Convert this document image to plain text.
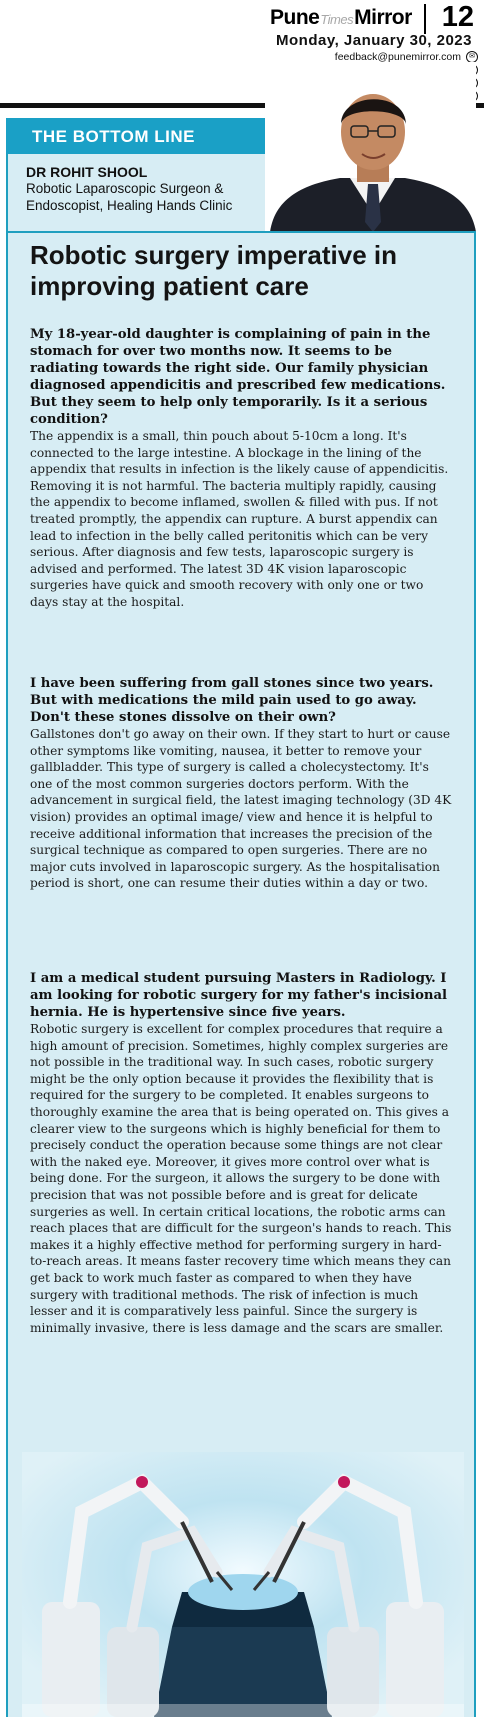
PuneTimesMirror 12
Monday, January 30, 2023
feedback@punemirror.com	✉
THE BOTTOM LINE
DR ROHIT SHOOL
Robotic Laparoscopic Surgeon & Endoscopist, Healing Hands Clinic
Robotic surgery imperative in improving patient care
My 18-year-old daughter is complaining of pain in the stomach for over two months now. It seems to be radiating towards the right side. Our family physician diagnosed appendicitis and prescribed few medications. But they seem to help only temporarily. Is it a serious condition?
The appendix is a small, thin pouch about 5-10cm a long. It's connected to the large intestine. A blockage in the lining of the appendix that results in infection is the likely cause of appendicitis. Removing it is not harmful. The bacteria multiply rapidly, causing the appendix to become inflamed, swollen & filled with pus. If not treated promptly, the appendix can rupture. A burst appendix can lead to infection in the belly called peritonitis which can be very serious. After diagnosis and few tests, laparoscopic surgery is advised and performed. The latest 3D 4K vision laparoscopic surgeries have quick and smooth recovery with only one or two days stay at the hospital.
I have been suffering from gall stones since two years. But with medications the mild pain used to go away. Don't these stones dissolve on their own?
Gallstones don't go away on their own. If they start to hurt or cause other symptoms like vomiting, nausea, it better to remove your gallbladder. This type of surgery is called a cholecystectomy. It's one of the most common surgeries doctors perform. With the advancement in surgical field, the latest imaging technology (3D 4K vision) provides an optimal image/ view and hence it is helpful to receive additional information that increases the precision of the surgical technique as compared to open surgeries. There are no major cuts involved in laparoscopic surgery. As the hospitalisation period is short, one can resume their duties within a day or two.
I am a medical student pursuing Masters in Radiology. I am looking for robotic surgery for my father's incisional hernia. He is hypertensive since five years.
Robotic surgery is excellent for complex procedures that require a high amount of precision. Sometimes, highly complex surgeries are not possible in the traditional way. In such cases, robotic surgery might be the only option because it provides the flexibility that is required for the surgery to be completed. It enables surgeons to thoroughly examine the area that is being operated on. This gives a clearer view to the surgeons which is highly beneficial for them to precisely conduct the operation because some things are not clear with the naked eye. Moreover, it gives more control over what is being done. For the surgeon, it allows the surgery to be done with precision that was not possible before and is great for delicate surgeries as well. In certain critical locations, the robotic arms can reach places that are difficult for the surgeon's hands to reach. This makes it a highly effective method for performing surgery in hard-to-reach areas. It means faster recovery time which means they can get back to work much faster as compared to when they have surgery with traditional methods. The risk of infection is much lesser and it is comparatively less painful. Since the surgery is minimally invasive, there is less damage and the scars are smaller.
